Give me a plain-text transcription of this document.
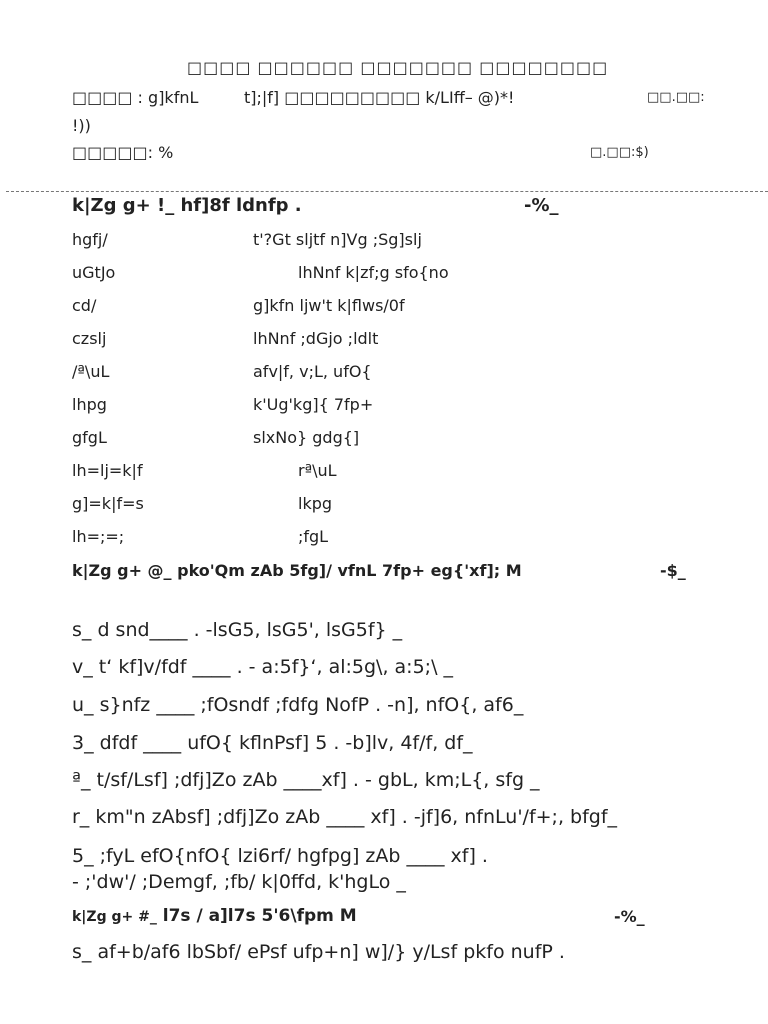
□□□□ □□□□□□ □□□□□□□ □□□□□□□□
□□□□ : g]kfnL	t];|f] □□□□□□□□□ k/LIff– @)*!	□□.□□:
!))
□□□□□: %	□.□□:$)
k|Zg g+ !_ hf]8f ldnfp .	-%_
hgfj/	t'?Gt sljtf n]Vg ;Sg]slj
uGtJo	lhNnf k|zf;g sfo{no
cd/	g]kfn ljw't k|flws/0f
czslj	lhNnf ;dGjo ;ldlt
/ª\uL	afv|f, v;L, ufO{
lhpg	k'Ug'kg]{ 7fp+
gfgL	slxNo} gdg{]
lh=lj=k|f	rª\uL
g]=k|f=s	lkpg
lh=;=;	;fgL
k|Zg g+ @_ pko'Qm zAb 5fg]/ vfnL 7fp+ eg{'xf]; M	-$_
s_ d snd____ . -lsG5, lsG5', lsG5f} _
v_ t‘ kf]v/fdf ____ . - a:5f}‘, al:5g\, a:5;\ _
u_ s}nfz ____ ;fOsndf ;fdfg NofP . -n], nfO{, af6_
3_ dfdf ____ ufO{ kflnPsf] 5 . -b]lv, 4f/f, df_
ª_ t/sf/Lsf] ;dfj]Zo zAb ____xf] . - gbL, km;L{, sfg _
r_ km"n zAbsf] ;dfj]Zo zAb ____ xf] . -jf]6, nfnLu'/f+;, bfgf_
5_ ;fyL efO{nfO{ lzi6rf/ hgfpg] zAb ____ xf] .
- ;'dw'/ ;Demgf, ;fb/ k|0ffd, k'hgLo _
k|Zg g+ #_ l7s / a]l7s 5'6\fpm M	-%_
s_ af+b/af6 lbSbf/ ePsf ufp+n] w]/} y/Lsf pkfo nufP .
